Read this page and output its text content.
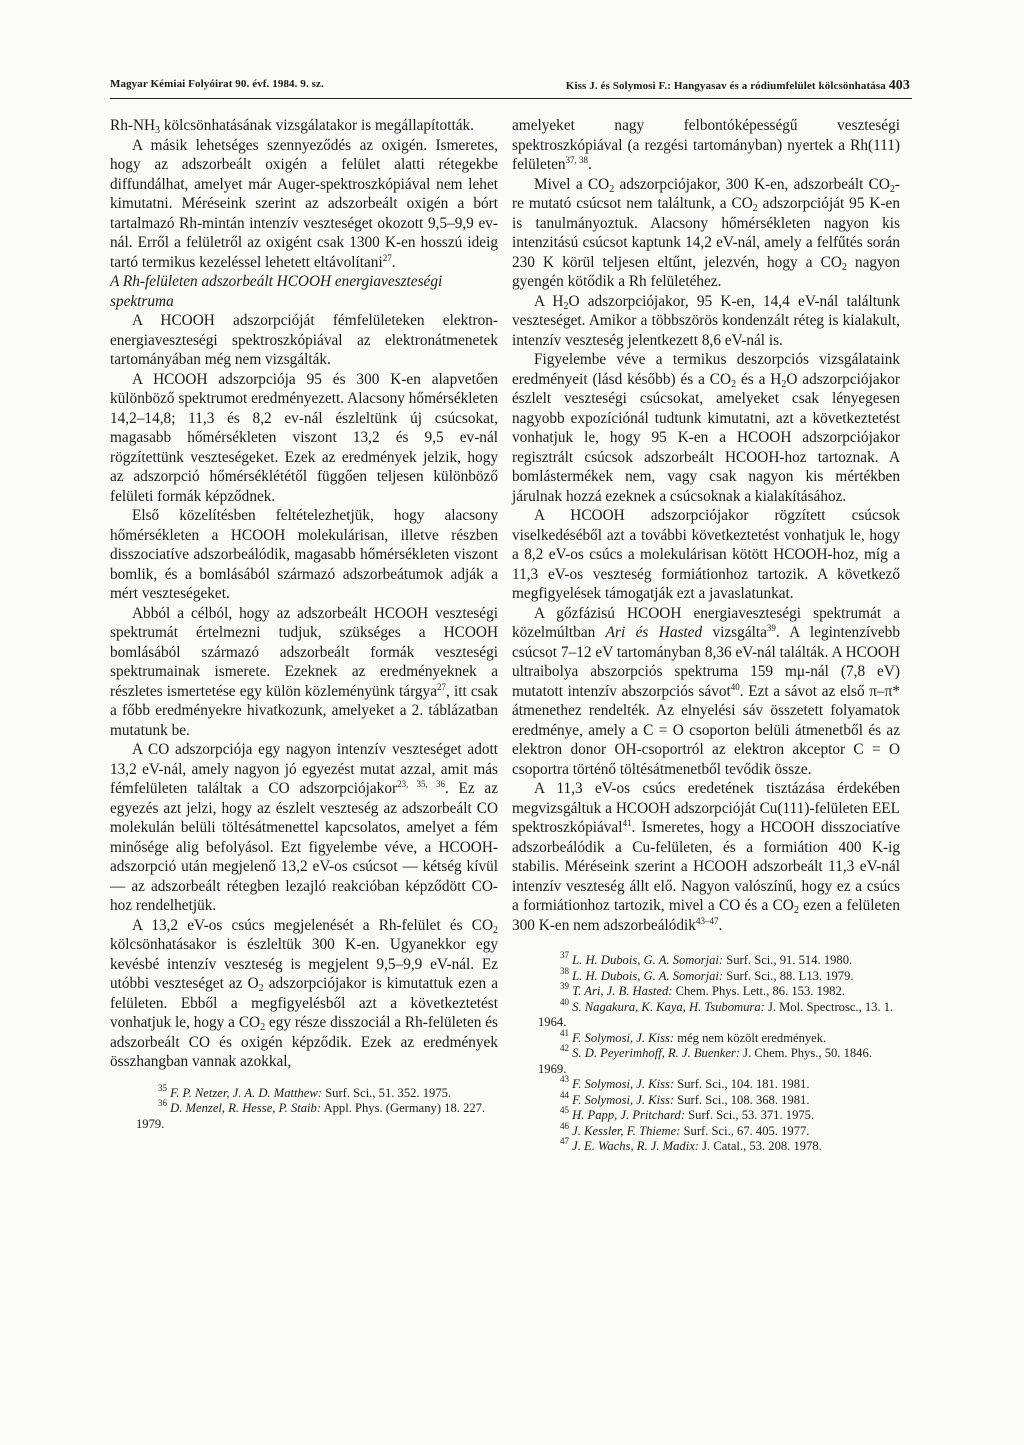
Magyar Kémiai Folyóirat 90. évf. 1984. 9. sz.	Kiss J. és Solymosi F.: Hangyasav és a ródiumfelület kölcsönhatása 403

$Rh-NH_3$ kölcsönhatásának vizsgálatakor is megállapították.

A másik lehetséges szennyeződés az oxigén. Ismeretes, hogy az adszorbeált oxigén a felület alatti rétegekbe diffundálhat, amelyet már Auger-spektroszkópiával nem lehet kimutatni. Méréseink szerint az adszorbeált oxigén a bórt tartalmazó Rh-mintán intenzív veszteséget okozott 9,5–9,9 ev-nál. Erről a felületről az oxigént csak 1300 K-en hosszú ideig tartó termikus kezeléssel lehetett eltávolítani$^{27}$.

A Rh-felületen adszorbeált HCOOH energiaveszteségi spektruma

A HCOOH adszorpcióját fémfelületeken elektron-energiaveszteségi spektroszkópiával az elektronátmenetek tartományában még nem vizsgálták.

A HCOOH adszorpciója 95 és 300 K-en alapvetően különböző spektrumot eredményezett. Alacsony hőmérsékleten 14,2–14,8; 11,3 és 8,2 ev-nál észleltünk új csúcsokat, magasabb hőmérsékleten viszont 13,2 és 9,5 ev-nál rögzítettünk veszteségeket. Ezek az eredmények jelzik, hogy az adszorpció hőmérséklététől függően teljesen különböző felületi formák képződnek.

Első közelítésben feltételezhetjük, hogy alacsony hőmérsékleten a HCOOH molekulárisan, illetve részben disszociatíve adszorbeálódik, magasabb hőmérsékleten viszont bomlik, és a bomlásából származó adszorbeátumok adják a mért veszteségeket.

Abból a célból, hogy az adszorbeált HCOOH veszteségi spektrumát értelmezni tudjuk, szükséges a HCOOH bomlásából származó adszorbeált formák veszteségi spektrumainak ismerete. Ezeknek az eredményeknek a részletes ismertetése egy külön közleményünk tárgya$^{27}$, itt csak a főbb eredményekre hivatkozunk, amelyeket a 2. táblázatban mutatunk be.

A CO adszorpciója egy nagyon intenzív veszteséget adott 13,2 eV-nál, amely nagyon jó egyezést mutat azzal, amit más fémfelületen találtak a CO adszorpciójakor$^{23, 35, 36}$. Ez az egyezés azt jelzi, hogy az észlelt veszteség az adszorbeált CO molekulán belüli töltésátmenettel kapcsolatos, amelyet a fém minősége alig befolyásol. Ezt figyelembe véve, a HCOOH-adszorpció után megjelenő 13,2 eV-os csúcsot — kétség kívül — az adszorbeált rétegben lezajló reakcióban képződött CO-hoz rendelhetjük.

A 13,2 eV-os csúcs megjelenését a Rh-felület és $CO_2$ kölcsönhatásakor is észleltük 300 K-en. Ugyanekkor egy kevésbé intenzív veszteség is megjelent 9,5–9,9 eV-nál. Ez utóbbi veszteséget az $O_2$ adszorpciójakor is kimutattuk ezen a felületen. Ebből a megfigyelésből azt a következtetést vonhatjuk le, hogy a $CO_2$ egy része disszociál a Rh-felületen és adszorbeált CO és oxigén képződik. Ezek az eredmények összhangban vannak azokkal,

$^{35}$ F. P. Netzer, J. A. D. Matthew: Surf. Sci., 51. 352. 1975.

$^{36}$ D. Menzel, R. Hesse, P. Staib: Appl. Phys. (Germany) 18. 227. 1979.

amelyeket nagy felbontóképességű veszteségi spektroszkópiával (a rezgési tartományban) nyertek a Rh(111) felületen$^{37, 38}$.

Mivel a $CO_2$ adszorpciójakor, 300 K-en, adszorbeált $CO_2-re$ mutató csúcsot nem találtunk, a $CO_2$ adszorpcióját 95 K-en is tanulmányoztuk. Alacsony hőmérsékleten nagyon kis intenzitású csúcsot kaptunk 14,2 eV-nál, amely a felfűtés során 230 K körül teljesen eltűnt, jelezvén, hogy a $CO_2$ nagyon gyengén kötődik a Rh felületéhez.

A $H_2O$ adszorpciójakor, 95 K-en, 14,4 eV-nál találtunk veszteséget. Amikor a többszörös kondenzált réteg is kialakult, intenzív veszteség jelentkezett 8,6 eV-nál is.

Figyelembe véve a termikus deszorpciós vizsgálataink eredményeit (lásd később) és a $CO_2$ és a $H_2O$ adszorpciójakor észlelt veszteségi csúcsokat, amelyeket csak lényegesen nagyobb expozíciónál tudtunk kimutatni, azt a következtetést vonhatjuk le, hogy 95 K-en a HCOOH adszorpciójakor regisztrált csúcsok adszorbeált HCOOH-hoz tartoznak. A bomlástermékek nem, vagy csak nagyon kis mértékben járulnak hozzá ezeknek a csúcsoknak a kialakításához.

A HCOOH adszorpciójakor rögzített csúcsok viselkedéséből azt a további következtetést vonhatjuk le, hogy a 8,2 eV-os csúcs a molekulárisan kötött HCOOH-hoz, míg a 11,3 eV-os veszteség formiátionhoz tartozik. A következő megfigyelések támogatják ezt a javaslatunkat.

A gőzfázisú HCOOH energiaveszteségi spektrumát a közelmúltban Ari és Hasted vizsgálta$^{39}$. A legintenzívebb csúcsot 7–12 eV tartományban 8,36 eV-nál találták. A HCOOH ultraibolya abszorpciós spektruma 159 mμ-nál (7,8 eV) mutatott intenzív abszorpciós sávot$^{40}$. Ezt a sávot az első π–π* átmenethez rendelték. Az elnyelési sáv összetett folyamatok eredménye, amely a C = O csoporton belüli átmenetből és az elektron donor OH-csoportról az elektron akceptor C = O csoportra történő töltésátmenetből tevődik össze.

A 11,3 eV-os csúcs eredetének tisztázása érdekében megvizsgáltuk a HCOOH adszorpcióját Cu(111)-felületen EEL spektroszkópiával$^{41}$. Ismeretes, hogy a HCOOH disszociatíve adszorbeálódik a Cu-felületen, és a formiátion 400 K-ig stabilis. Méréseink szerint a HCOOH adszorbeált 11,3 eV-nál intenzív veszteség állt elő. Nagyon valószínű, hogy ez a csúcs a formiátionhoz tartozik, mivel a CO és a $CO_2$ ezen a felületen 300 K-en nem adszorbeálódik$^{43-47}$.

$^{37}$ L. H. Dubois, G. A. Somorjai: Surf. Sci., 91. 514. 1980.

$^{38}$ L. H. Dubois, G. A. Somorjai: Surf. Sci., 88. L13. 1979.

$^{39}$ T. Ari, J. B. Hasted: Chem. Phys. Lett., 86. 153. 1982.

$^{40}$ S. Nagakura, K. Kaya, H. Tsubomura: J. Mol. Spectrosc., 13. 1. 1964.

$^{41}$ F. Solymosi, J. Kiss: még nem közölt eredmények.

$^{42}$ S. D. Peyerimhoff, R. J. Buenker: J. Chem. Phys., 50. 1846. 1969.

$^{43}$ F. Solymosi, J. Kiss: Surf. Sci., 104. 181. 1981.

$^{44}$ F. Solymosi, J. Kiss: Surf. Sci., 108. 368. 1981.

$^{45}$ H. Papp, J. Pritchard: Surf. Sci., 53. 371. 1975.

$^{46}$ J. Kessler, F. Thieme: Surf. Sci., 67. 405. 1977.

$^{47}$ J. E. Wachs, R. J. Madix: J. Catal., 53. 208. 1978.
